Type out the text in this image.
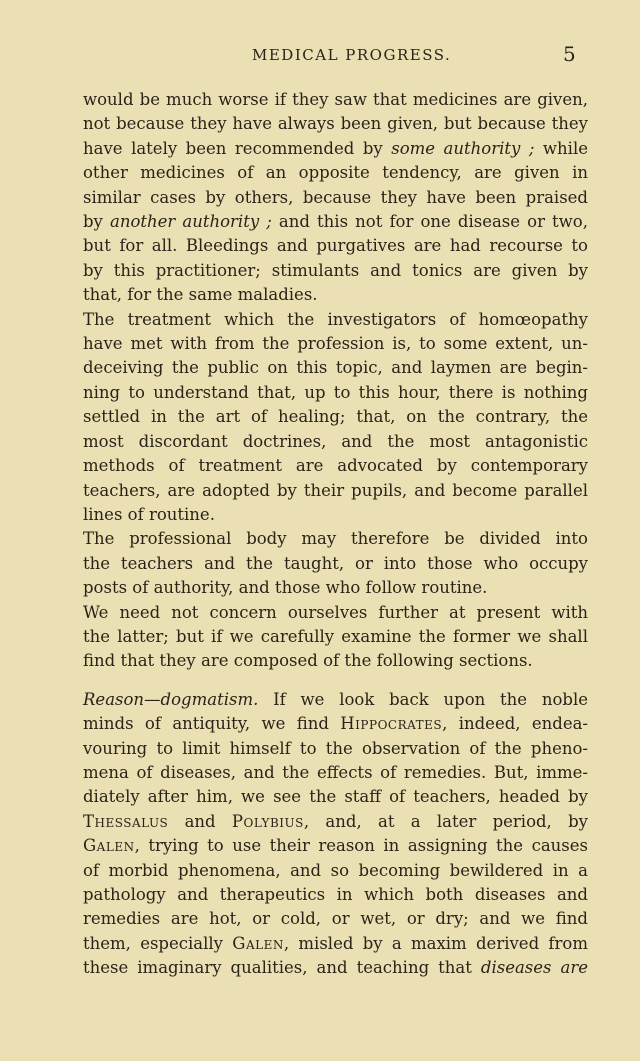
MEDICAL PROGRESS.	5
would be much worse if they saw that medicines are given,
not because they have always been given, but because they
have lately been recommended by some authority ; while
other medicines of an opposite tendency, are given in
similar cases by others, because they have been praised
by another authority ; and this not for one disease or two,
but for all. Bleedings and purgatives are had recourse to
by this practitioner; stimulants and tonics are given by
that, for the same maladies.
The treatment which the investigators of homœopathy
have met with from the profession is, to some extent, un-
deceiving the public on this topic, and laymen are begin-
ning to understand that, up to this hour, there is nothing
settled in the art of healing; that, on the contrary, the
most discordant doctrines, and the most antagonistic
methods of treatment are advocated by contemporary
teachers, are adopted by their pupils, and become parallel
lines of routine.
The professional body may therefore be divided into
the teachers and the taught, or into those who occupy
posts of authority, and those who follow routine.
We need not concern ourselves further at present with
the latter; but if we carefully examine the former we shall
find that they are composed of the following sections.
Reason—dogmatism. If we look back upon the noble
minds of antiquity, we find Hippocrates, indeed, endea-
vouring to limit himself to the observation of the pheno-
mena of diseases, and the effects of remedies. But, imme-
diately after him, we see the staff of teachers, headed by
Thessalus and Polybius, and, at a later period, by
Galen, trying to use their reason in assigning the causes
of morbid phenomena, and so becoming bewildered in a
pathology and therapeutics in which both diseases and
remedies are hot, or cold, or wet, or dry; and we find
them, especially Galen, misled by a maxim derived from
these imaginary qualities, and teaching that diseases are
